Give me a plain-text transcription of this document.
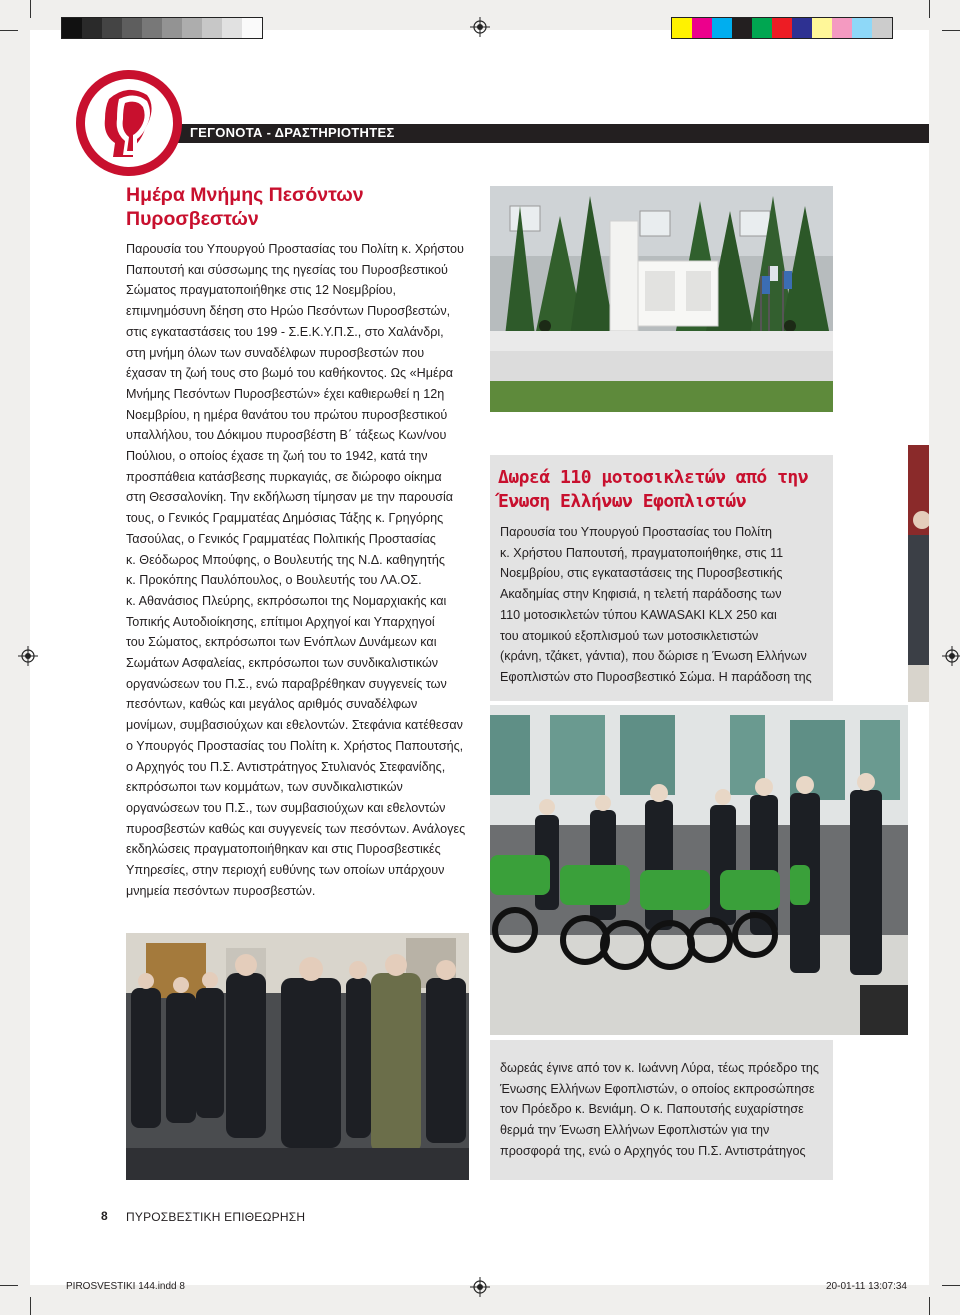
ΓΕΓΟΝΟΤΑ - ΔΡΑΣΤΗΡΙΟΤΗΤΕΣ
Ημέρα Μνήμης Πεσόντων
Πυροσβεστών
Παρουσία του Υπουργού Προστασίας του Πολίτη κ. Χρήστου
Παπουτσή και σύσσωμης της ηγεσίας του Πυροσβεστικού
Σώματος πραγματοποιήθηκε στις 12 Νοεμβρίου,
επιμνημόσυνη δέηση στο Ηρώο Πεσόντων Πυροσβεστών,
στις εγκαταστάσεις του 199 - Σ.Ε.Κ.Υ.Π.Σ., στο Χαλάνδρι,
στη μνήμη όλων των συναδέλφων πυροσβεστών που
έχασαν τη ζωή τους στο βωμό του καθήκοντος. Ως «Ημέρα
Μνήμης Πεσόντων Πυροσβεστών» έχει καθιερωθεί η 12η
Νοεμβρίου, η ημέρα θανάτου του πρώτου πυροσβεστικού
υπαλλήλου, του Δόκιμου πυροσβέστη Β΄ τάξεως Κων/νου
Πούλιου, ο οποίος έχασε τη ζωή του το 1942, κατά την
προσπάθεια κατάσβεσης πυρκαγιάς, σε διώροφο οίκημα
στη Θεσσαλονίκη. Την εκδήλωση τίμησαν με την παρουσία
τους, ο Γενικός Γραμματέας Δημόσιας Τάξης κ. Γρηγόρης
Τασούλας, ο Γενικός Γραμματέας Πολιτικής Προστασίας
κ. Θεόδωρος Μπούφης, ο Βουλευτής της Ν.Δ. καθηγητής
κ. Προκόπης Παυλόπουλος, ο Βουλευτής του ΛΑ.ΟΣ.
κ. Αθανάσιος Πλεύρης, εκπρόσωποι της Νομαρχιακής και
Τοπικής Αυτοδιοίκησης, επίτιμοι Αρχηγοί και Υπαρχηγοί
του Σώματος, εκπρόσωποι των Ενόπλων Δυνάμεων και
Σωμάτων Ασφαλείας, εκπρόσωποι των συνδικαλιστικών
οργανώσεων του Π.Σ., ενώ παραβρέθηκαν συγγενείς των
πεσόντων, καθώς και μεγάλος αριθμός συναδέλφων
μονίμων, συμβασιούχων και εθελοντών. Στεφάνια κατέθεσαν
ο Υπουργός Προστασίας του Πολίτη κ. Χρήστος Παπουτσής,
ο Αρχηγός του Π.Σ. Αντιστράτηγος Στυλιανός Στεφανίδης,
εκπρόσωποι των κομμάτων, των συνδικαλιστικών
οργανώσεων του Π.Σ., των συμβασιούχων και εθελοντών
πυροσβεστών καθώς και συγγενείς των πεσόντων. Ανάλογες
εκδηλώσεις πραγματοποιήθηκαν και στις Πυροσβεστικές
Υπηρεσίες, στην περιοχή ευθύνης των οποίων υπάρχουν
μνημεία πεσόντων πυροσβεστών.
Δωρεά 110 μοτοσικλετών από την
Ένωση Ελλήνων Εφοπλιστών
Παρουσία του Υπουργού Προστασίας του Πολίτη
κ. Χρήστου Παπουτσή, πραγματοποιήθηκε, στις 11
Νοεμβρίου, στις εγκαταστάσεις της Πυροσβεστικής
Ακαδημίας στην Κηφισιά, η τελετή παράδοσης των
110 μοτοσικλετών τύπου KAWASAKI KLX 250 και
του ατομικού εξοπλισμού των μοτοσικλετιστών
(κράνη, τζάκετ, γάντια), που δώρισε η Ένωση Ελλήνων
Εφοπλιστών στο Πυροσβεστικό Σώμα. Η παράδοση της
δωρεάς έγινε από τον κ. Ιωάννη Λύρα, τέως πρόεδρο της
Ένωσης Ελλήνων Εφοπλιστών, ο οποίος εκπροσώπησε
τον Πρόεδρο κ. Βενιάμη. Ο κ. Παπουτσής ευχαρίστησε
θερμά την Ένωση Ελλήνων Εφοπλιστών για την
προσφορά της, ενώ ο Αρχηγός του Π.Σ. Αντιστράτηγος
8 ΠΥΡΟΣΒΕΣΤΙΚΗ ΕΠΙΘΕΩΡΗΣΗ
PIROSVESTIKI 144.indd 8	20-01-11 13:07:34
